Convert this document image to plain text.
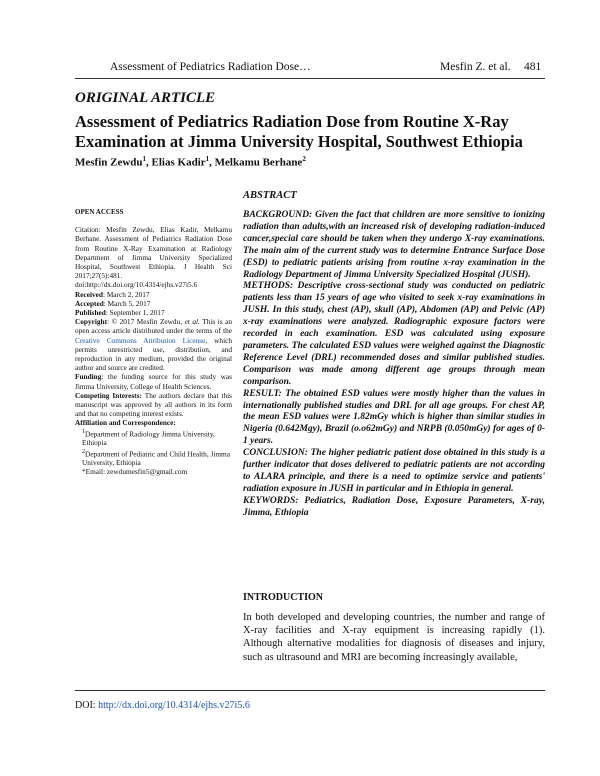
Assessment of Pediatrics Radiation Dose…	Mesfin Z. et al. 481
ORIGINAL ARTICLE
Assessment of Pediatrics Radiation Dose from Routine X-Ray Examination at Jimma University Hospital, Southwest Ethiopia
Mesfin Zewdu$^1$, Elias Kadir$^1$, Melkamu Berhane$^2$

OPEN ACCESS

Citation: Mesfin Zewdu, Elias Kadir, Melkamu Berhane. Assessment of Pediatrics Radiation Dose from Routine X-Ray Examination at Radiology Department of Jimma University Specialized Hospital, Southwest Ethiopia. J Health Sci 2017;27(5):481. doi:http://dx.doi.org/10.4314/ejhs.v27i5.6

Received: March 2, 2017

Accepted: March 5, 2017

Published: September 1, 2017

Copyright: © 2017 Mesfin Zewdu, et al. This is an open access article distributed under the terms of the Creative Commons Attribution License, which permits unrestricted use, distribution, and reproduction in any medium, provided the original author and source are credited.

Funding: the funding source for this study was Jimma University, College of Health Sciences.

Competing Interests: The authors declare that this manuscript was approved by all authors in its form and that no competing interest exists.

Affiliation and Correspondence:

$^1$Department of Radiology Jimma University, Ethiopia

$^2$Department of Pediatric and Child Health, Jimma University, Ethiopia

*Email: zewdumesfin5@gmail.com

ABSTRACT

BACKGROUND: Given the fact that children are more sensitive to ionizing radiation than adults,with an increased risk of developing radiation-induced cancer,special care should be taken when they undergo X-ray examinations. The main aim of the current study was to determine Entrance Surface Dose (ESD) to pediatric patients arising from routine x-ray examination in the Radiology Department of Jimma University Specialized Hospital (JUSH).

METHODS: Descriptive cross-sectional study was conducted on pediatric patients less than 15 years of age who visited to seek x-ray examinations in JUSH. In this study, chest (AP), skull (AP), Abdomen (AP) and Pelvic (AP) x-ray examinations were analyzed. Radiographic exposure factors were recorded in each examination. ESD was calculated using exposure parameters. The calculated ESD values were weighed against the Diagnostic Reference Level (DRL) recommended doses and similar published studies. Comparison was made among different age groups through mean comparison.

RESULT: The obtained ESD values were mostly higher than the values in internationally published studies and DRL for all age groups. For chest AP, the mean ESD values were 1.82mGy which is higher than similar studies in Nigeria (0.642Mgy), Brazil (o.o62mGy) and NRPB (0.050mGy) for ages of 0-1 years.

CONCLUSION: The higher pediatric patient dose obtained in this study is a further indicator that doses delivered to pediatric patients are not according to ALARA principle, and there is a need to optimize service and patients' radiation exposure in JUSH in particular and in Ethiopia in general.

KEYWORDS: Pediatrics, Radiation Dose, Exposure Parameters, X-ray, Jimma, Ethiopia

INTRODUCTION

In both developed and developing countries, the number and range of X-ray facilities and X-ray equipment is increasing rapidly (1). Although alternative modalities for diagnosis of diseases and injury, such as ultrasound and MRI are becoming increasingly available,

DOI: http://dx.doi.org/10.4314/ejhs.v27i5.6
